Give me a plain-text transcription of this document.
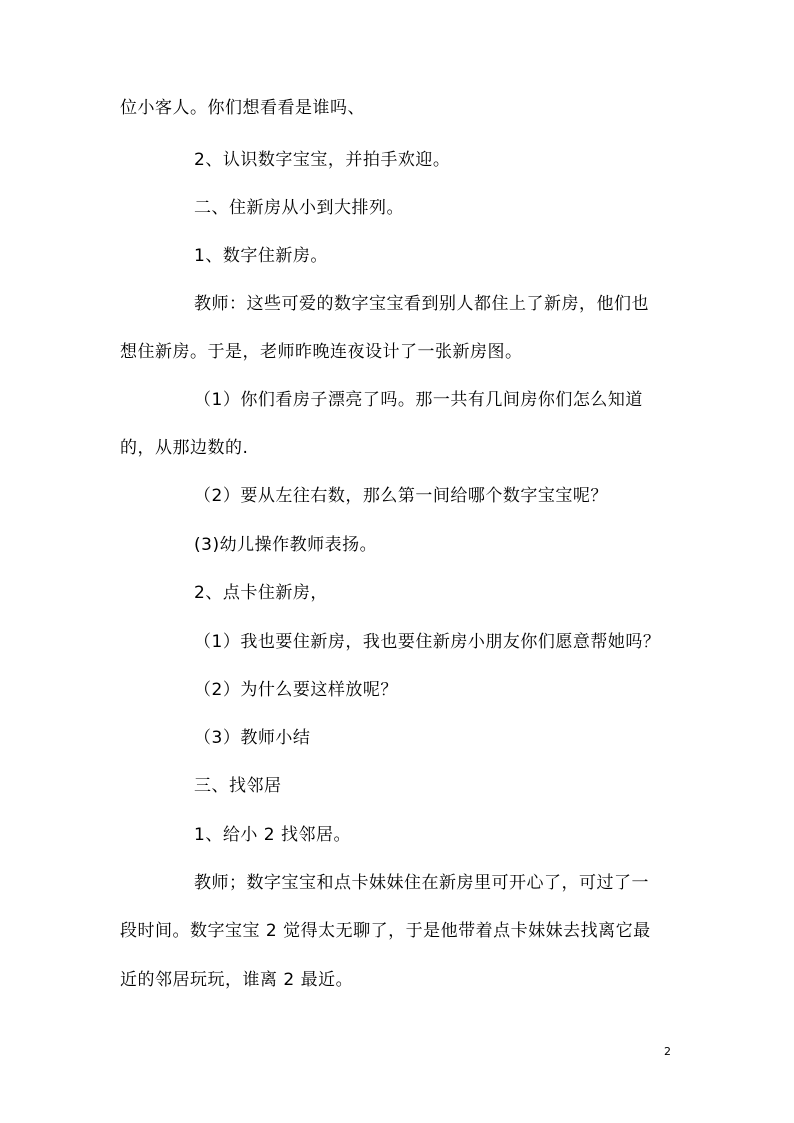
位小客人。你们想看看是谁吗、
2、认识数字宝宝，并拍手欢迎。
二、住新房从小到大排列。
1、数字住新房。
教师：这些可爱的数字宝宝看到别人都住上了新房，他们也
想住新房。于是，老师昨晚连夜设计了一张新房图。
（1）你们看房子漂亮了吗。那一共有几间房你们怎么知道
的，从那边数的.
（2）要从左往右数，那么第一间给哪个数字宝宝呢？
(3)幼儿操作教师表扬。
2、点卡住新房，
（1）我也要住新房，我也要住新房小朋友你们愿意帮她吗？
（2）为什么要这样放呢？
（3）教师小结
三、找邻居
1、给小 2 找邻居。
教师；数字宝宝和点卡妹妹住在新房里可开心了，可过了一
段时间。数字宝宝 2 觉得太无聊了，于是他带着点卡妹妹去找离它最
近的邻居玩玩，谁离 2 最近。
2
